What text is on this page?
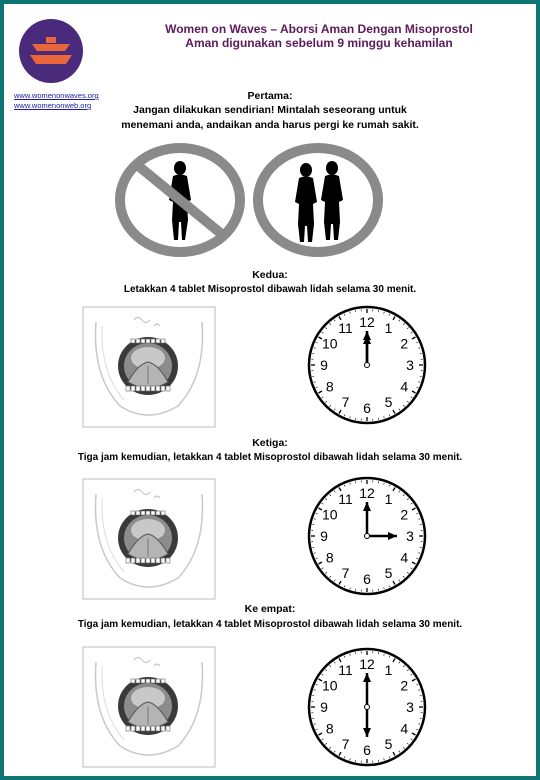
www.womenonwaves.org
www.womenonweb.org
Women on Waves – Aborsi Aman Dengan Misoprostol
Aman digunakan sebelum 9 minggu kehamilan
Pertama:
Jangan dilakukan sendirian! Mintalah seseorang untuk
menemani anda, andaikan anda harus pergi ke rumah sakit.
Kedua:
Letakkan 4 tablet Misoprostol dibawah lidah selama 30 menit.
12 1
2
3
4
5
6
7
8
9
10
11
Ketiga:
Tiga jam kemudian, letakkan 4 tablet Misoprostol dibawah lidah selama 30 menit.
12 1
2
3
4
5
6
7
8
9
10
11
Ke empat:
Tiga jam kemudian, letakkan 4 tablet Misoprostol dibawah lidah selama 30 menit.
12 1
2
3
4
5
6
7
8
9
10
11
